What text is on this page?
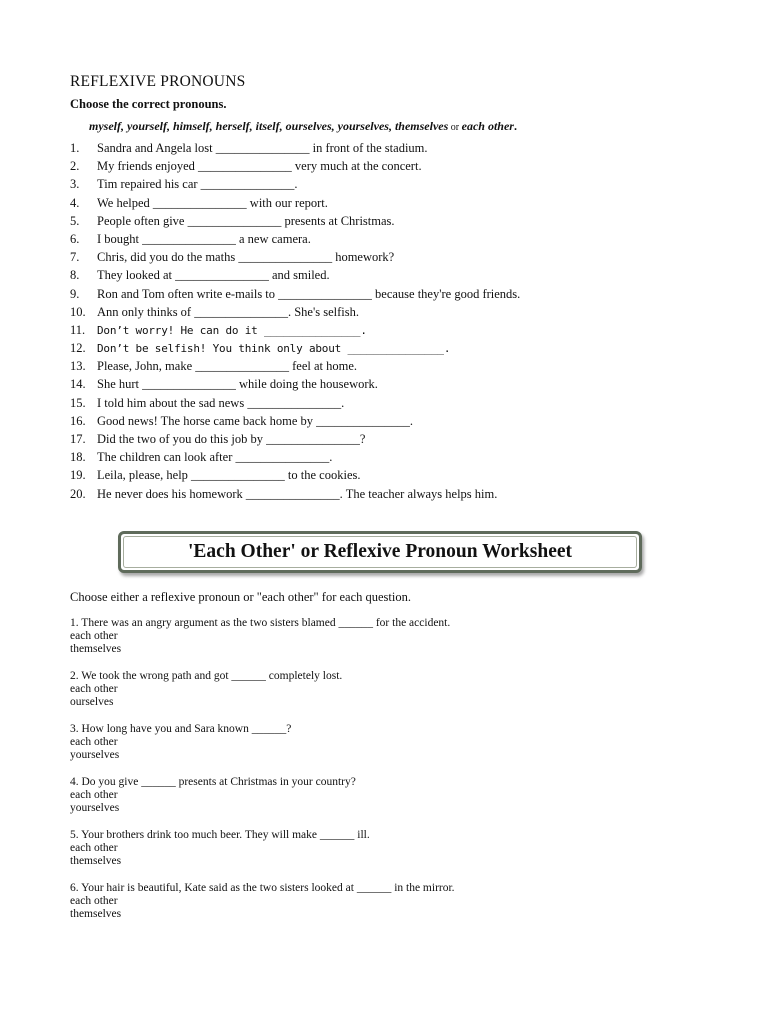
REFLEXIVE PRONOUNS
Choose the correct pronouns.
myself, yourself, himself, herself, itself, ourselves, yourselves, themselves or each other.
1. Sandra and Angela lost _______________ in front of the stadium.
2. My friends enjoyed _______________ very much at the concert.
3. Tim repaired his car _______________.
4. We helped _______________ with our report.
5. People often give _______________ presents at Christmas.
6. I bought _______________ a new camera.
7. Chris, did you do the maths _______________ homework?
8. They looked at _______________ and smiled.
9. Ron and Tom often write e-mails to _______________ because they're good friends.
10. Ann only thinks of _______________. She's selfish.
11. Don’t worry! He can do it _______________.
12. Don’t be selfish! You think only about _______________.
13. Please, John, make _______________ feel at home.
14. She hurt _______________ while doing the housework.
15. I told him about the sad news _______________.
16. Good news! The horse came back home by _______________.
17. Did the two of you do this job by _______________?
18. The children can look after _______________.
19. Leila, please, help _______________ to the cookies.
20. He never does his homework _______________. The teacher always helps him.
'Each Other' or Reflexive Pronoun Worksheet
Choose either a reflexive pronoun or "each other" for each question.
1. There was an angry argument as the two sisters blamed ______ for the accident.
each other
themselves
2. We took the wrong path and got ______ completely lost.
each other
ourselves
3. How long have you and Sara known ______?
each other
yourselves
4. Do you give ______ presents at Christmas in your country?
each other
yourselves
5. Your brothers drink too much beer. They will make ______ ill.
each other
themselves
6. Your hair is beautiful, Kate said as the two sisters looked at ______ in the mirror.
each other
themselves
